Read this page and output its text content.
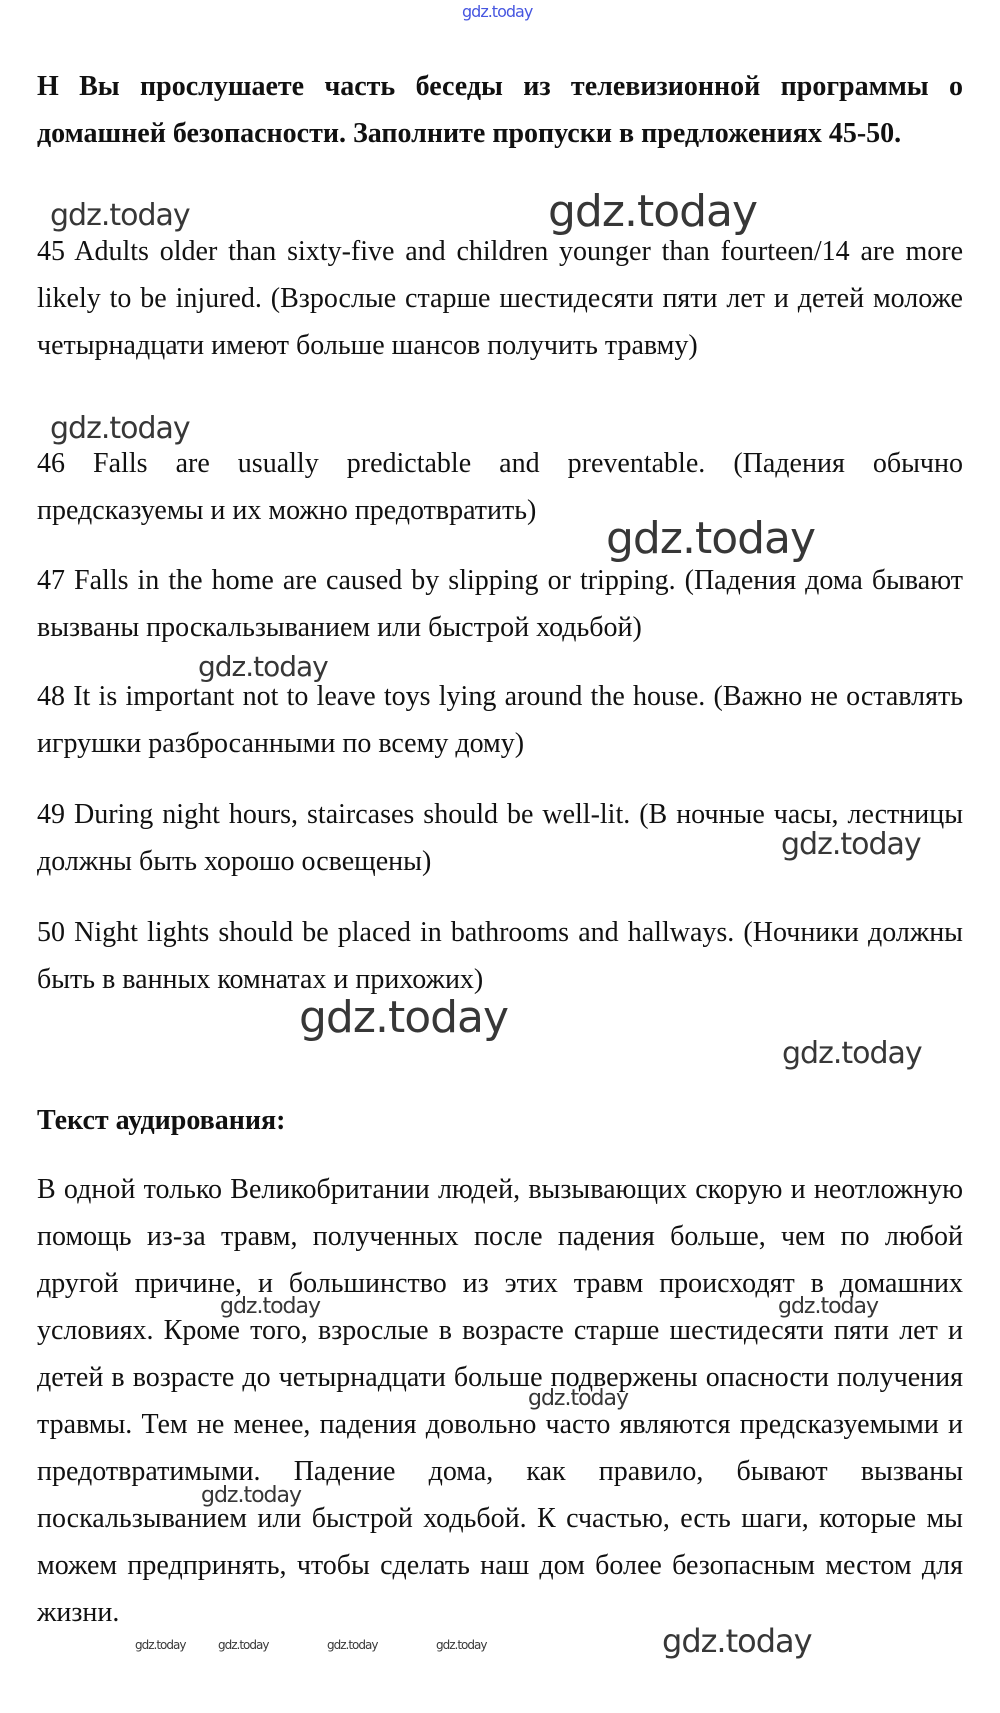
H Вы прослушаете часть беседы из телевизионной программы о домашней безопасности. Заполните пропуски в предложениях 45-50.

45 Adults older than sixty-five and children younger than fourteen/14 are more likely to be injured. (Взрослые старше шестидесяти пяти лет и детей моложе четырнадцати имеют больше шансов получить травму)

46 Falls are usually predictable and preventable. (Падения обычно предсказуемы и их можно предотвратить)

47 Falls in the home are caused by slipping or tripping. (Падения дома бывают вызваны проскальзыванием или быстрой ходьбой)

48 It is important not to leave toys lying around the house. (Важно не оставлять игрушки разбросанными по всему дому)

49 During night hours, staircases should be well-lit. (В ночные часы, лестницы должны быть хорошо освещены)

50 Night lights should be placed in bathrooms and hallways. (Ночники должны быть в ванных комнатах и прихожих)

Текст аудирования:

В одной только Великобритании людей, вызывающих скорую и неотложную помощь из-за травм, полученных после падения больше, чем по любой другой причине, и большинство из этих травм происходят в домашних условиях. Кроме того, взрослые в возрасте старше шестидесяти пяти лет и детей в возрасте до четырнадцати больше подвержены опасности получения травмы. Тем не менее, падения довольно часто являются предсказуемыми и предотвратимыми. Падение дома, как правило, бывают вызваны поскальзыванием или быстрой ходьбой. К счастью, есть шаги, которые мы можем предпринять, чтобы сделать наш дом более безопасным местом для жизни.

gdz.today
gdz.today	gdz.today
gdz.today
gdz.today
gdz.today
gdz.today
gdz.today
gdz.today
gdz.today	gdz.today
gdz.today
gdz.today
gdz.today	gdz.today	gdz.today	gdz.today	gdz.today
